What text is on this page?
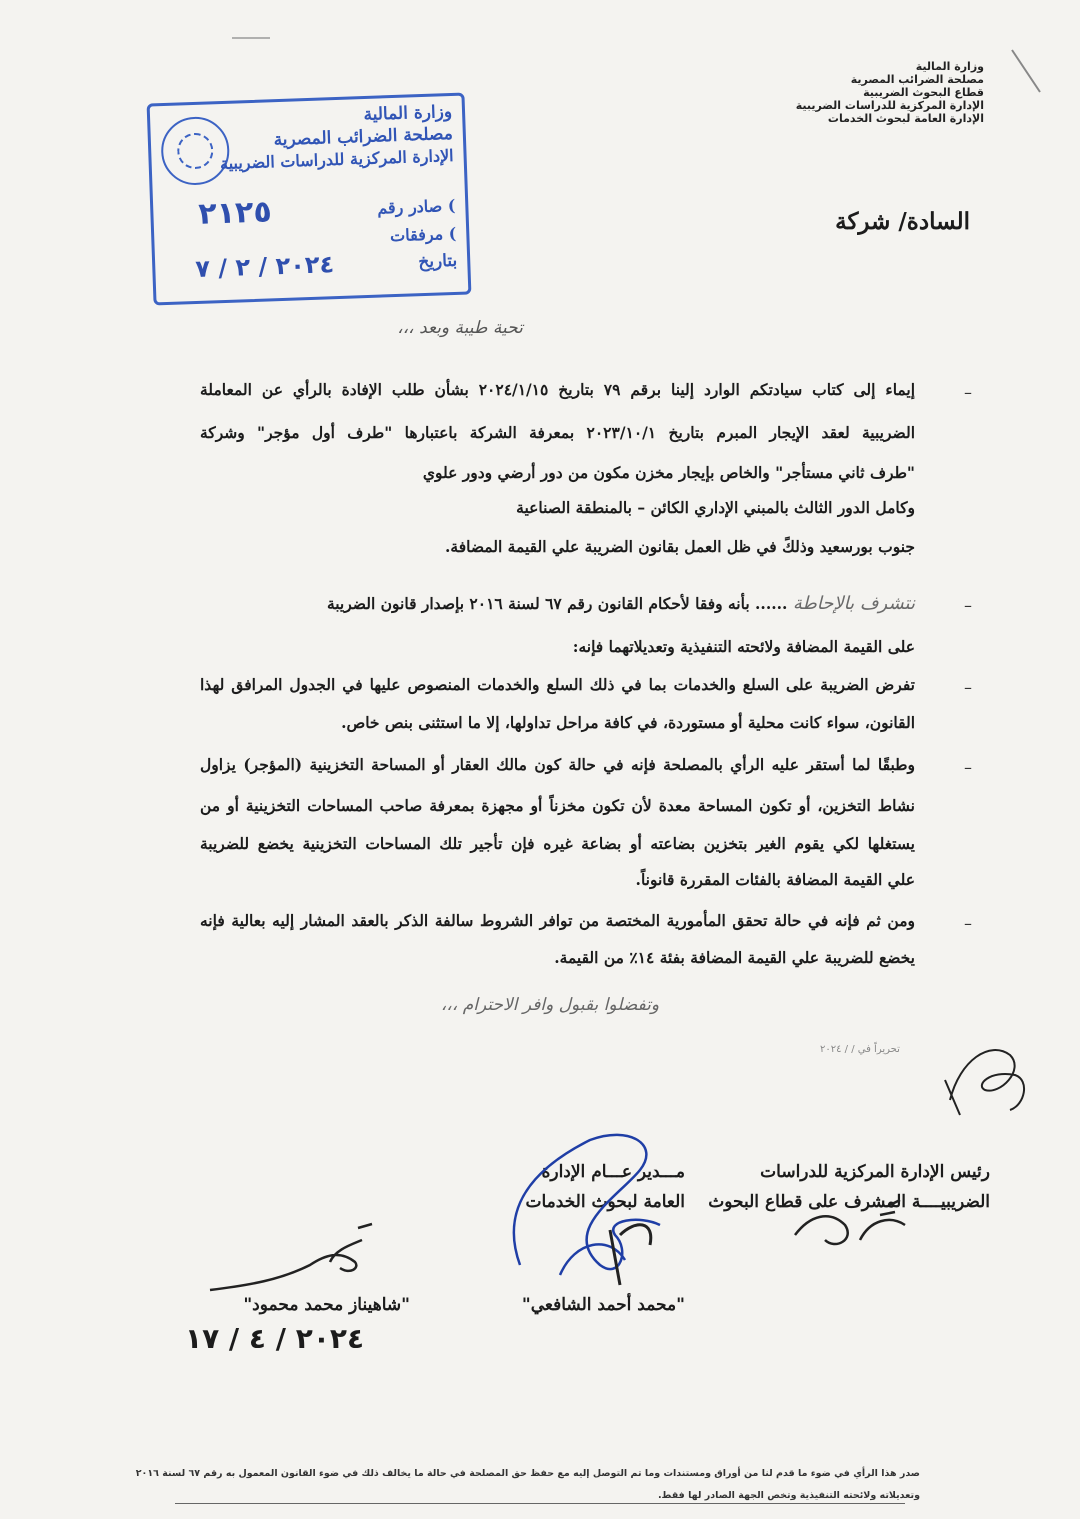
وزارة المالية
مصلحة الضرائب المصرية
قطاع البحوث الضريبية
الإدارة المركزية للدراسات الضريبية
الإدارة العامة لبحوث الخدمات
وزارة المالية
مصلحة الضرائب المصرية
الإدارة المركزية للدراسات الضريبية
صادر رقم (
مرفقات (
بتاريخ
٢١٢٥
٢٠٢٤ / ٢ / ٧
السادة/ شركة
تحية طيبة وبعد ،،،
–
إيماء إلى كتاب سيادتكم الوارد إلينا برقم ٧٩ بتاريخ ٢٠٢٤/١/١٥ بشأن طلب الإفادة بالرأي عن المعاملة
الضريبية لعقد الإيجار المبرم بتاريخ ٢٠٢٣/١٠/١ بمعرفة الشركة باعتبارها "طرف أول مؤجر" وشركة
"طرف ثاني مستأجر" والخاص بإيجار مخزن مكون من دور أرضي ودور علوي
وكامل الدور الثالث بالمبني الإداري الكائن – بالمنطقة الصناعية
جنوب بورسعيد وذلكً في ظل العمل بقانون الضريبة علي القيمة المضافة.
–
نتشرف بالإحاطة ...... بأنه وفقا لأحكام القانون رقم ٦٧ لسنة ٢٠١٦ بإصدار قانون الضريبة
على القيمة المضافة ولائحته التنفيذية وتعديلاتهما فإنه:
–
تفرض الضريبة على السلع والخدمات بما في ذلك السلع والخدمات المنصوص عليها في الجدول المرافق لهذا
القانون، سواء كانت محلية أو مستوردة، في كافة مراحل تداولها، إلا ما استثنى بنص خاص.
–
وطبقًا لما أستقر عليه الرأي بالمصلحة فإنه في حالة كون مالك العقار أو المساحة التخزينية (المؤجر) يزاول
نشاط التخزين، أو تكون المساحة معدة لأن تكون مخزناً أو مجهزة بمعرفة صاحب المساحات التخزينية أو من
يستغلها لكي يقوم الغير بتخزين بضاعته أو بضاعة غيره فإن تأجير تلك المساحات التخزينية يخضع للضريبة
علي القيمة المضافة بالفئات المقررة قانوناً.
–
ومن ثم فإنه في حالة تحقق المأمورية المختصة من توافر الشروط سالفة الذكر بالعقد المشار إليه بعالية فإنه
يخضع للضريبة علي القيمة المضافة بفئة ١٤٪ من القيمة.
وتفضلوا بقبول وافر الاحترام ،،،
تحريراً في / / ٢٠٢٤
رئيس الإدارة المركزية للدراسات
الضريبيــــة المشرف على قطاع البحوث
مـــدير عـــام الإدارة
العامة لبحوث الخدمات
"شاهيناز محمد محمود"	"محمد أحمد الشافعي"
٢٠٢٤ / ٤ / ١٧
صدر هذا الرأي في ضوء ما قدم لنا من أوراق ومستندات وما تم التوصل إليه مع حفظ حق المصلحة في حالة ما يخالف ذلك في ضوء القانون المعمول به رقم ٦٧ لسنة ٢٠١٦
وتعديلاته ولائحته التنفيذية وتخص الجهة الصادر لها فقط.
